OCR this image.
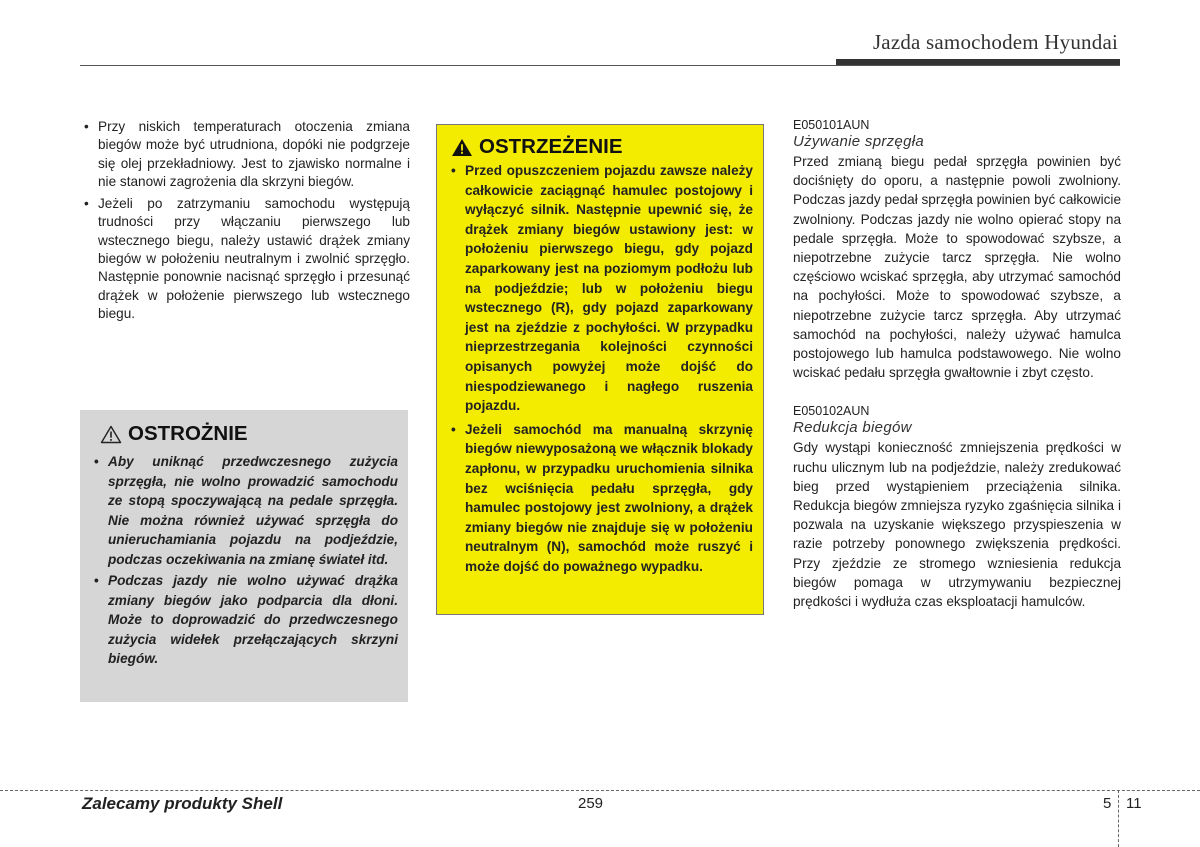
Jazda samochodem Hyundai
• Przy niskich temperaturach otoczenia zmiana biegów może być utrudniona, dopóki nie podgrzeje się olej przekładniowy. Jest to zjawisko normalne i nie stanowi zagrożenia dla skrzyni biegów.
• Jeżeli po zatrzymaniu samochodu występują trudności przy włączaniu pierwszego lub wstecznego biegu, należy ustawić drążek zmiany biegów w położeniu neutralnym i zwolnić sprzęgło. Następnie ponownie nacisnąć sprzęgło i przesunąć drążek w położenie pierwszego lub wstecznego biegu.
OSTROŻNIE
• Aby uniknąć przedwczesnego zużycia sprzęgła, nie wolno prowadzić samochodu ze stopą spoczywającą na pedale sprzęgła. Nie można również używać sprzęgła do unieruchamiania pojazdu na podjeździe, podczas oczekiwania na zmianę świateł itd.
• Podczas jazdy nie wolno używać drążka zmiany biegów jako podparcia dla dłoni. Może to doprowadzić do przedwczesnego zużycia widełek przełączających skrzyni biegów.
OSTRZEŻENIE
• Przed opuszczeniem pojazdu zawsze należy całkowicie zaciągnąć hamulec postojowy i wyłączyć silnik. Następnie upewnić się, że drążek zmiany biegów ustawiony jest: w położeniu pierwszego biegu, gdy pojazd zaparkowany jest na poziomym podłożu lub na podjeździe; lub w położeniu biegu wstecznego (R), gdy pojazd zaparkowany jest na zjeździe z pochyłości. W przypadku nieprzestrzegania kolejności czynności opisanych powyżej może dojść do niespodziewanego i nagłego ruszenia pojazdu.
• Jeżeli samochód ma manualną skrzynię biegów niewyposażoną we włącznik blokady zapłonu, w przypadku uruchomienia silnika bez wciśnięcia pedału sprzęgła, gdy hamulec postojowy jest zwolniony, a drążek zmiany biegów nie znajduje się w położeniu neutralnym (N), samochód może ruszyć i może dojść do poważnego wypadku.

E050101AUN

Używanie sprzęgła

Przed zmianą biegu pedał sprzęgła powinien być dociśnięty do oporu, a następnie powoli zwolniony. Podczas jazdy pedał sprzęgła powinien być całkowicie zwolniony. Podczas jazdy nie wolno opierać stopy na pedale sprzęgła. Może to spowodować szybsze, a niepotrzebne zużycie tarcz sprzęgła. Nie wolno częściowo wciskać sprzęgła, aby utrzymać samochód na pochyłości. Może to spowodować szybsze, a niepotrzebne zużycie tarcz sprzęgła. Aby utrzymać samochód na pochyłości, należy używać hamulca postojowego lub hamulca podstawowego. Nie wolno wciskać pedału sprzęgła gwałtownie i zbyt często.

E050102AUN

Redukcja biegów

Gdy wystąpi konieczność zmniejszenia prędkości w ruchu ulicznym lub na podjeździe, należy zredukować bieg przed wystąpieniem przeciążenia silnika. Redukcja biegów zmniejsza ryzyko zgaśnięcia silnika i pozwala na uzyskanie większego przyspieszenia w razie potrzeby ponownego zwiększenia prędkości. Przy zjeździe ze stromego wzniesienia redukcja biegów pomaga w utrzymywaniu bezpiecznej prędkości i wydłuża czas eksploatacji hamulców.

Zalecamy produkty Shell	259	5 11
